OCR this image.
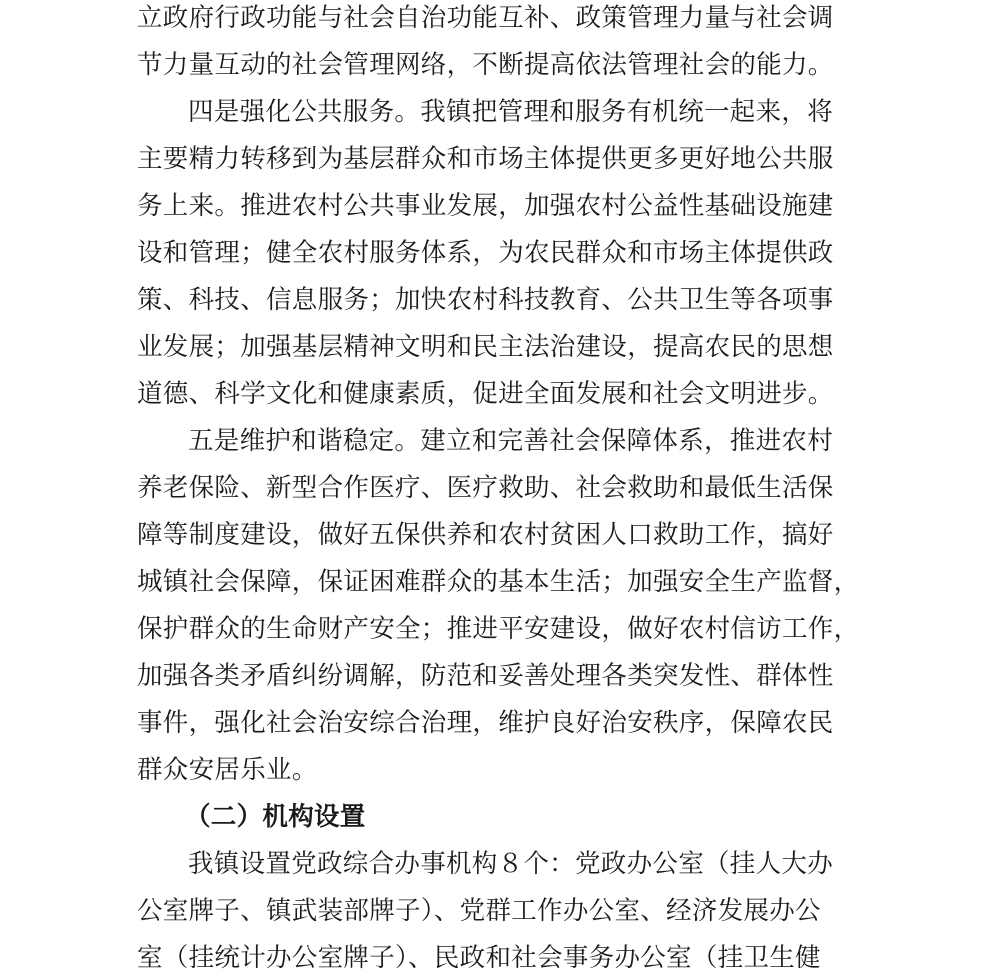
立政府行政功能与社会自治功能互补、政策管理力量与社会调
节力量互动的社会管理网络，不断提高依法管理社会的能力。
四是强化公共服务。我镇把管理和服务有机统一起来，将
主要精力转移到为基层群众和市场主体提供更多更好地公共服
务上来。推进农村公共事业发展，加强农村公益性基础设施建
设和管理；健全农村服务体系，为农民群众和市场主体提供政
策、科技、信息服务；加快农村科技教育、公共卫生等各项事
业发展；加强基层精神文明和民主法治建设，提高农民的思想
道德、科学文化和健康素质，促进全面发展和社会文明进步。
五是维护和谐稳定。建立和完善社会保障体系，推进农村
养老保险、新型合作医疗、医疗救助、社会救助和最低生活保
障等制度建设，做好五保供养和农村贫困人口救助工作，搞好
城镇社会保障，保证困难群众的基本生活；加强安全生产监督，
保护群众的生命财产安全；推进平安建设，做好农村信访工作，
加强各类矛盾纠纷调解，防范和妥善处理各类突发性、群体性
事件，强化社会治安综合治理，维护良好治安秩序，保障农民
群众安居乐业。
（二）机构设置
我镇设置党政综合办事机构８个：党政办公室（挂人大办
公室牌子、镇武装部牌子）、党群工作办公室、经济发展办公
室（挂统计办公室牌子）、民政和社会事务办公室（挂卫生健
